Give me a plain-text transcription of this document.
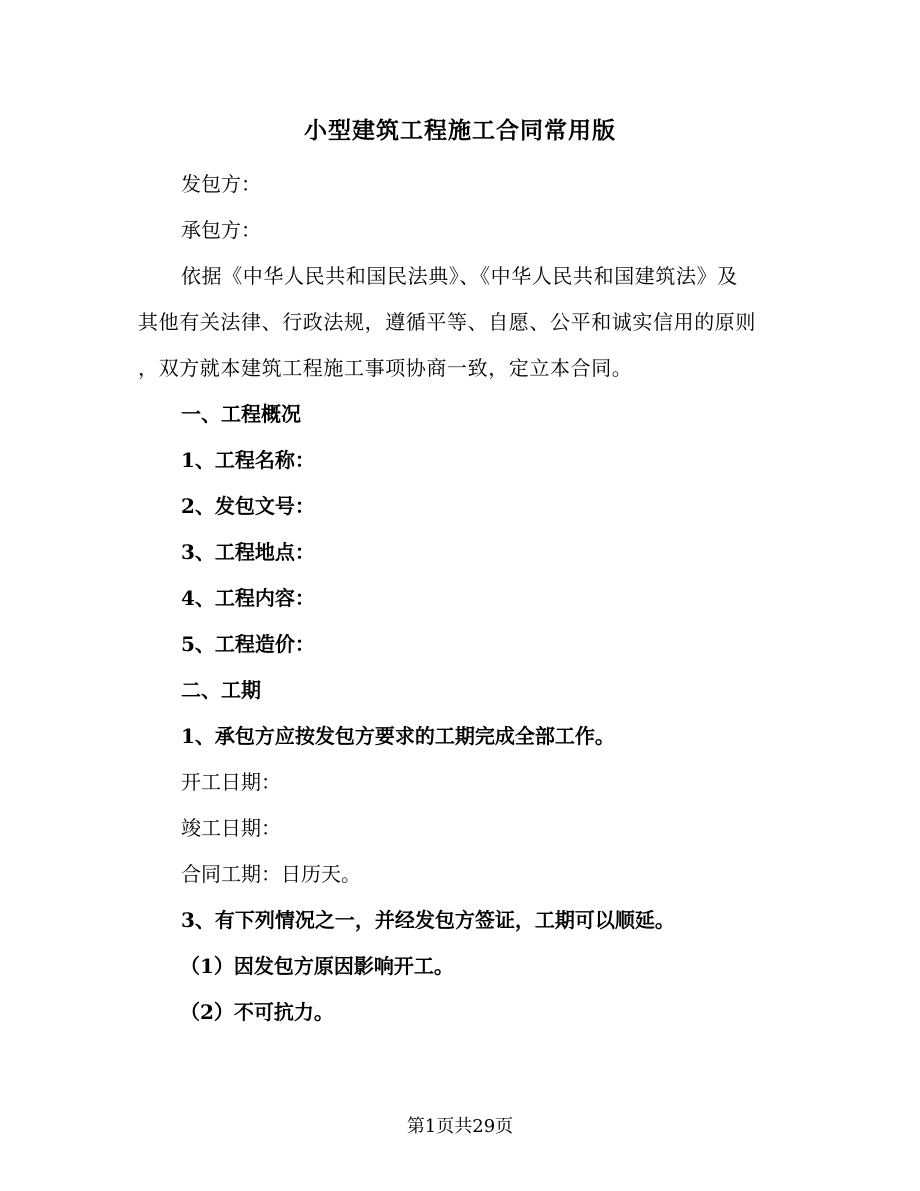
小型建筑工程施工合同常用版
发包方：
承包方：
依据《中华人民共和国民法典》、《中华人民共和国建筑法》及
其他有关法律、行政法规，遵循平等、自愿、公平和诚实信用的原则
，双方就本建筑工程施工事项协商一致，定立本合同。
一、工程概况
1、工程名称：
2、发包文号：
3、工程地点：
4、工程内容：
5、工程造价：
二、工期
1、承包方应按发包方要求的工期完成全部工作。
开工日期：
竣工日期：
合同工期：日历天。
3、有下列情况之一，并经发包方签证，工期可以顺延。
（1）因发包方原因影响开工。
（2）不可抗力。
第1页共29页
